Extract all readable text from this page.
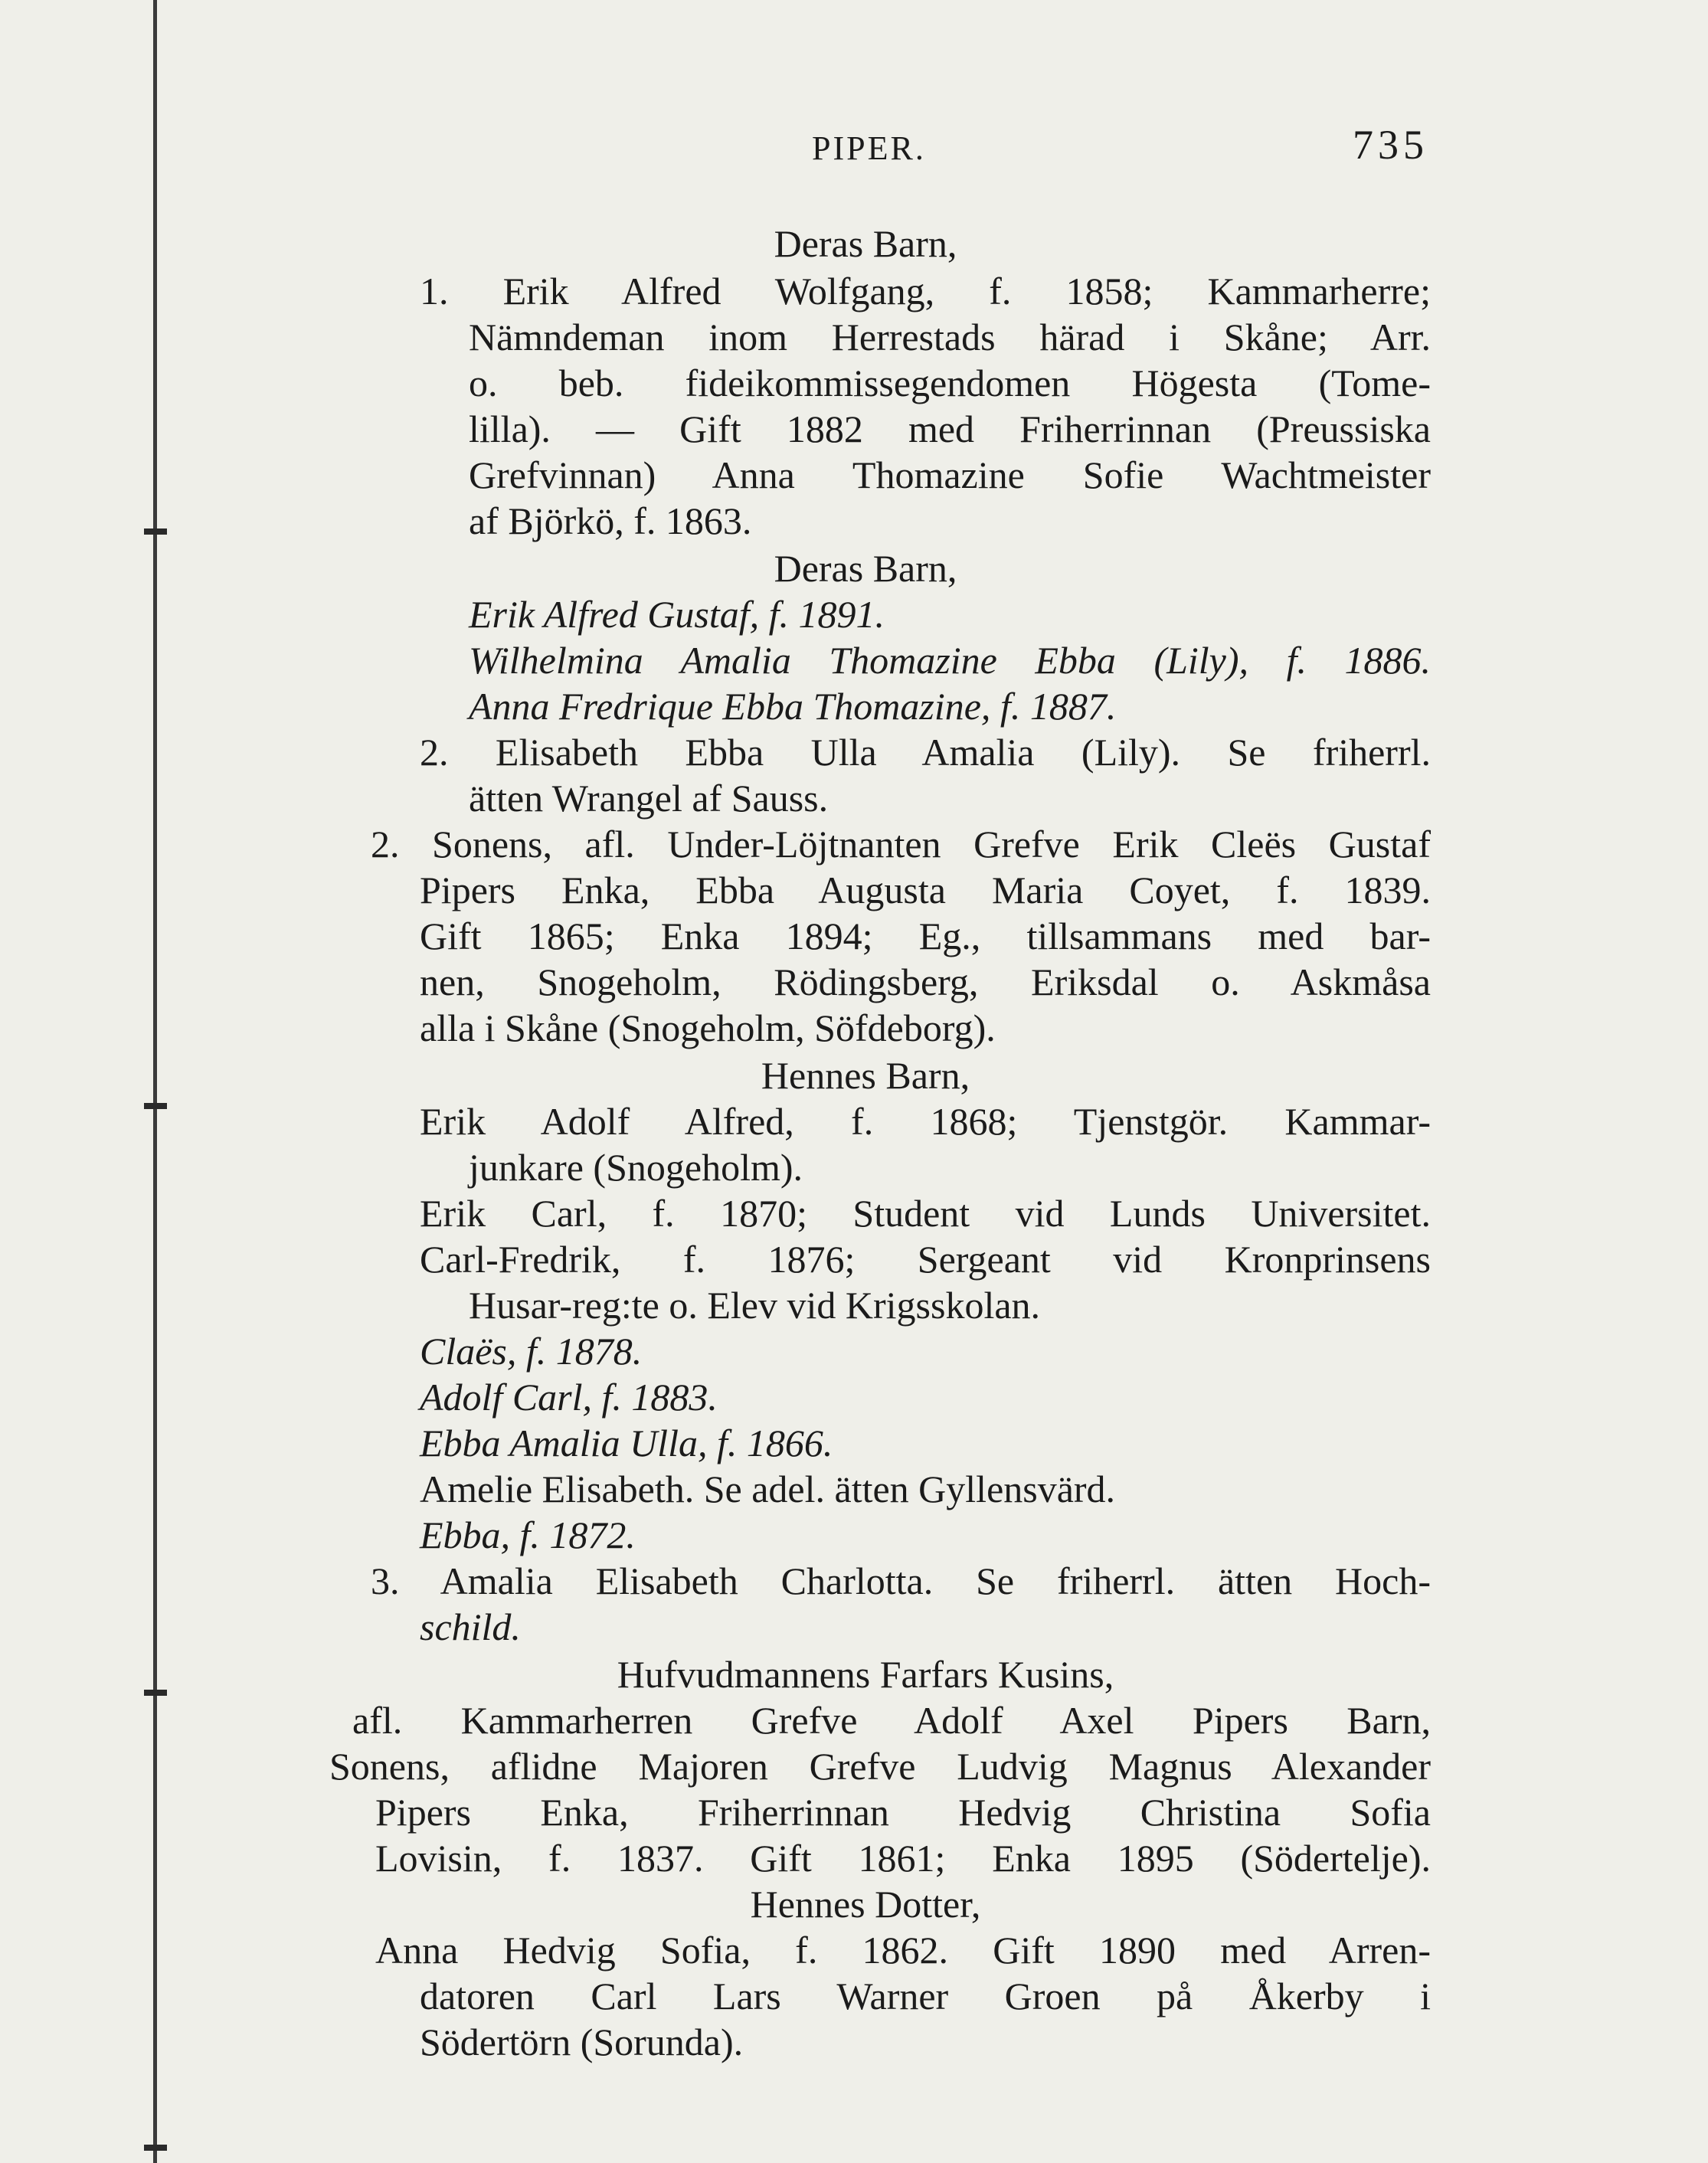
PIPER.	735
Deras Barn,
1. Erik Alfred Wolfgang, f. 1858; Kammarherre;
Nämndeman inom Herrestads härad i Skåne; Arr.
o. beb. fideikommissegendomen Högesta (Tome-
lilla). — Gift 1882 med Friherrinnan (Preussiska
Grefvinnan) Anna Thomazine Sofie Wachtmeister
af Björkö, f. 1863.
Deras Barn,
Erik Alfred Gustaf, f. 1891.
Wilhelmina Amalia Thomazine Ebba (Lily), f. 1886.
Anna Fredrique Ebba Thomazine, f. 1887.
2. Elisabeth Ebba Ulla Amalia (Lily). Se friherrl.
ätten Wrangel af Sauss.
2. Sonens, afl. Under-Löjtnanten Grefve Erik Cleës Gustaf
Pipers Enka, Ebba Augusta Maria Coyet, f. 1839.
Gift 1865; Enka 1894; Eg., tillsammans med bar-
nen, Snogeholm, Rödingsberg, Eriksdal o. Askmåsa
alla i Skåne (Snogeholm, Söfdeborg).
Hennes Barn,
Erik Adolf Alfred, f. 1868; Tjenstgör. Kammar-
junkare (Snogeholm).
Erik Carl, f. 1870; Student vid Lunds Universitet.
Carl-Fredrik, f. 1876; Sergeant vid Kronprinsens
Husar-reg:te o. Elev vid Krigsskolan.
Claës, f. 1878.
Adolf Carl, f. 1883.
Ebba Amalia Ulla, f. 1866.
Amelie Elisabeth. Se adel. ätten Gyllensvärd.
Ebba, f. 1872.
3. Amalia Elisabeth Charlotta. Se friherrl. ätten Hoch-
schild.
Hufvudmannens Farfars Kusins,
afl. Kammarherren Grefve Adolf Axel Pipers Barn,
Sonens, aflidne Majoren Grefve Ludvig Magnus Alexander
Pipers Enka, Friherrinnan Hedvig Christina Sofia
Lovisin, f. 1837. Gift 1861; Enka 1895 (Södertelje).
Hennes Dotter,
Anna Hedvig Sofia, f. 1862. Gift 1890 med Arren-
datoren Carl Lars Warner Groen på Åkerby i
Södertörn (Sorunda).
